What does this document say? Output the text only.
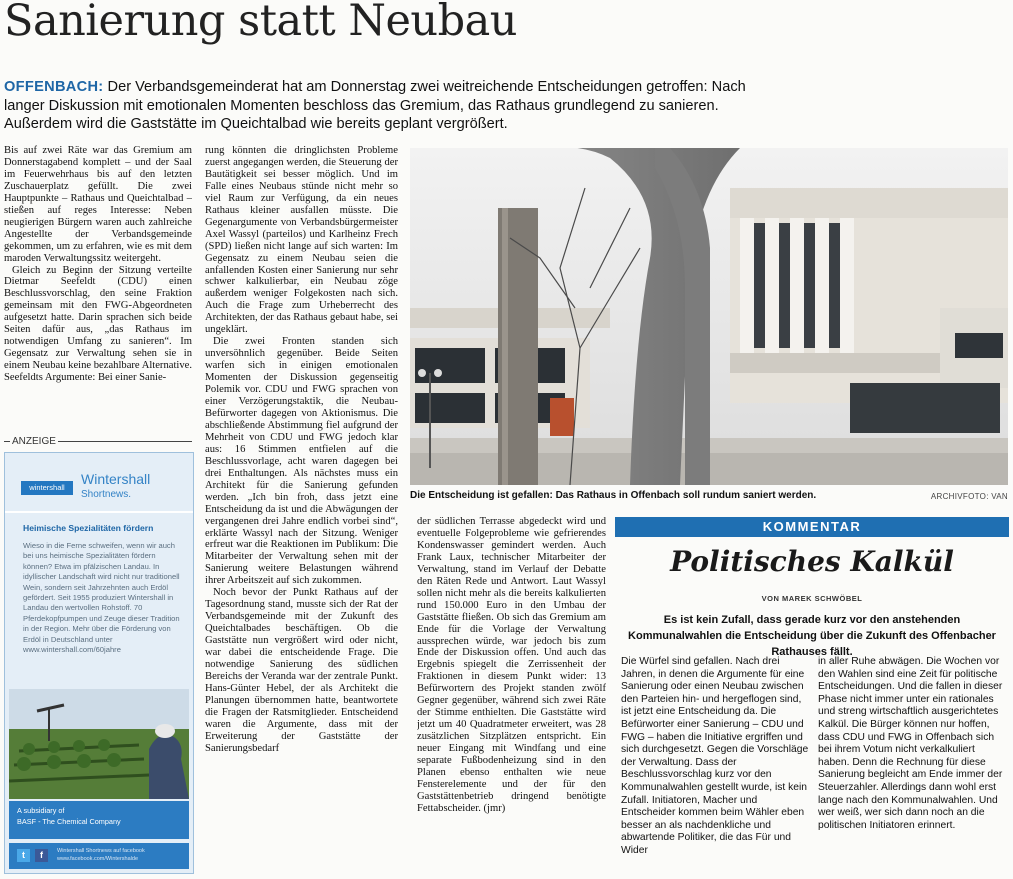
Sanierung statt Neubau
OFFENBACH: Der Verbandsgemeinderat hat am Donnerstag zwei weitreichende Entscheidungen getroffen: Nach langer Diskussion mit emotionalen Momenten beschloss das Gremium, das Rathaus grundlegend zu sanieren. Außerdem wird die Gaststätte im Queichtalbad wie bereits geplant vergrößert.

Bis auf zwei Räte war das Gremium am Donnerstagabend komplett – und der Saal im Feuerwehrhaus bis auf den letzten Zuschauerplatz gefüllt. Die zwei Hauptpunkte – Rathaus und Queichtalbad – stießen auf reges Interesse: Neben neugierigen Bürgern waren auch zahlreiche Angestellte der Verbandsgemeinde gekommen, um zu erfahren, wie es mit dem maroden Verwaltungssitz weitergeht.

Gleich zu Beginn der Sitzung verteilte Dietmar Seefeldt (CDU) einen Beschlussvorschlag, den seine Fraktion gemeinsam mit den FWG-Abgeordneten aufgesetzt hatte. Darin sprachen sich beide Seiten dafür aus, „das Rathaus im notwendigen Umfang zu sanieren“. Im Gegensatz zur Verwaltung sehen sie in einem Neubau keine bezahlbare Alternative. Seefeldts Argumente: Bei einer Sanie-

rung könnten die dringlichsten Probleme zuerst angegangen werden, die Steuerung der Bautätigkeit sei besser möglich. Und im Falle eines Neubaus stünde nicht mehr so viel Raum zur Verfügung, da ein neues Rathaus kleiner ausfallen müsste. Die Gegenargumente von Verbandsbürgermeister Axel Wassyl (parteilos) und Karlheinz Frech (SPD) ließen nicht lange auf sich warten: Im Gegensatz zu einem Neubau seien die anfallenden Kosten einer Sanierung nur sehr schwer kalkulierbar, ein Neubau zöge außerdem weniger Folgekosten nach sich. Auch die Frage zum Urheberrecht des Architekten, der das Rathaus gebaut habe, sei ungeklärt.

Die zwei Fronten standen sich unversöhnlich gegenüber. Beide Seiten warfen sich in einigen emotionalen Momenten der Diskussion gegenseitig Polemik vor. CDU und FWG sprachen von einer Verzögerungstaktik, die Neubau-Befürworter dagegen von Aktionismus. Die abschließende Abstimmung fiel aufgrund der Mehrheit von CDU und FWG jedoch klar aus: 16 Stimmen entfielen auf die Beschlussvorlage, acht waren dagegen bei drei Enthaltungen. Als nächstes muss ein Architekt für die Sanierung gefunden werden. „Ich bin froh, dass jetzt eine Entscheidung da ist und die Abwägungen der vergangenen drei Jahre endlich vorbei sind“, erklärte Wassyl nach der Sitzung. Weniger erfreut war die Reaktionen im Publikum: Die Mitarbeiter der Verwaltung sehen mit der Sanierung weitere Belastungen während ihrer Arbeitszeit auf sich zukommen.

Noch bevor der Punkt Rathaus auf der Tagesordnung stand, musste sich der Rat der Verbandsgemeinde mit der Zukunft des Queichtalbades beschäftigen. Ob die Gaststätte nun vergrößert wird oder nicht, war dabei die entscheidende Frage. Die notwendige Sanierung des südlichen Bereichs der Veranda war der zentrale Punkt. Hans-Günter Hebel, der als Architekt die Planungen übernommen hatte, beantwortete die Fragen der Ratsmitglieder. Entscheidend waren die Argumente, dass mit der Erweiterung der Gaststätte der Sanierungsbedarf

der südlichen Terrasse abgedeckt wird und eventuelle Folgeprobleme wie gefrierendes Kondenswasser gemindert werden. Auch Frank Laux, technischer Mitarbeiter der Verwaltung, stand im Verlauf der Debatte den Räten Rede und Antwort. Laut Wassyl sollen nicht mehr als die bereits kalkulierten rund 150.000 Euro in den Umbau der Gaststätte fließen. Ob sich das Gremium am Ende für die Vorlage der Verwaltung aussprechen würde, war jedoch bis zum Ende der Diskussion offen. Und auch das Ergebnis spiegelt die Zerrissenheit der Fraktionen in diesem Punkt wider: 13 Befürwortern des Projekt standen zwölf Gegner gegenüber, während sich zwei Räte der Stimme enthielten. Die Gaststätte wird jetzt um 40 Quadratmeter erweitert, was 28 zusätzlichen Sitzplätzen entspricht. Ein neuer Eingang mit Windfang und eine separate Fußbodenheizung sind in den Planen ebenso enthalten wie neue Fensterelemente und der für den Gaststättenbetrieb dringend benötigte Fettabscheider. (jmr)

ANZEIGE
wintershall
Wintershall
Shortnews.
Heimische Spezialitäten fördern
Wieso in die Ferne schweifen, wenn wir auch bei uns heimische Spezialitäten fördern können? Etwa im pfälzischen Landau. In idyllischer Landschaft wird nicht nur traditionell Wein, sondern seit Jahrzehnten auch Erdöl gefördert. Seit 1955 produziert Wintershall in Landau den wertvollen Rohstoff. 70 Pferdekopfpumpen und Zeuge dieser Tradition in der Region. Mehr über die Förderung von Erdöl in Deutschland unter www.wintershall.com/60jahre
A subsidiary of
BASF - The Chemical Company
t	f	Wintershall Shortnews auf facebook www.facebook.com/Wintershalde
Die Entscheidung ist gefallen: Das Rathaus in Offenbach soll rundum saniert werden.	ARCHIVFOTO: VAN
KOMMENTAR
Politisches Kalkül
VON MAREK SCHWÖBEL
Es ist kein Zufall, dass gerade kurz vor den anstehenden Kommunalwahlen die Entscheidung über die Zukunft des Offenbacher Rathauses fällt.

Die Würfel sind gefallen. Nach drei Jahren, in denen die Argumente für eine Sanierung oder einen Neubau zwischen den Parteien hin- und hergeflogen sind, ist jetzt eine Entscheidung da. Die Befürworter einer Sanierung – CDU und FWG – haben die Initiative ergriffen und sich durchgesetzt. Gegen die Vorschläge der Verwaltung. Dass der Beschlussvorschlag kurz vor den Kommunalwahlen gestellt wurde, ist kein Zufall. Initiatoren, Macher und Entscheider kommen beim Wähler eben besser an als nachdenkliche und abwartende Politiker, die das Für und Wider

in aller Ruhe abwägen. Die Wochen vor den Wahlen sind eine Zeit für politische Entscheidungen. Und die fallen in dieser Phase nicht immer unter ein rationales und streng wirtschaftlich ausgerichtetes Kalkül. Die Bürger können nur hoffen, dass CDU und FWG in Offenbach sich bei ihrem Votum nicht verkalkuliert haben. Denn die Rechnung für diese Sanierung begleicht am Ende immer der Steuerzahler. Allerdings dann wohl erst lange nach den Kommunalwahlen. Und wer weiß, wer sich dann noch an die politischen Initiatoren erinnert.
